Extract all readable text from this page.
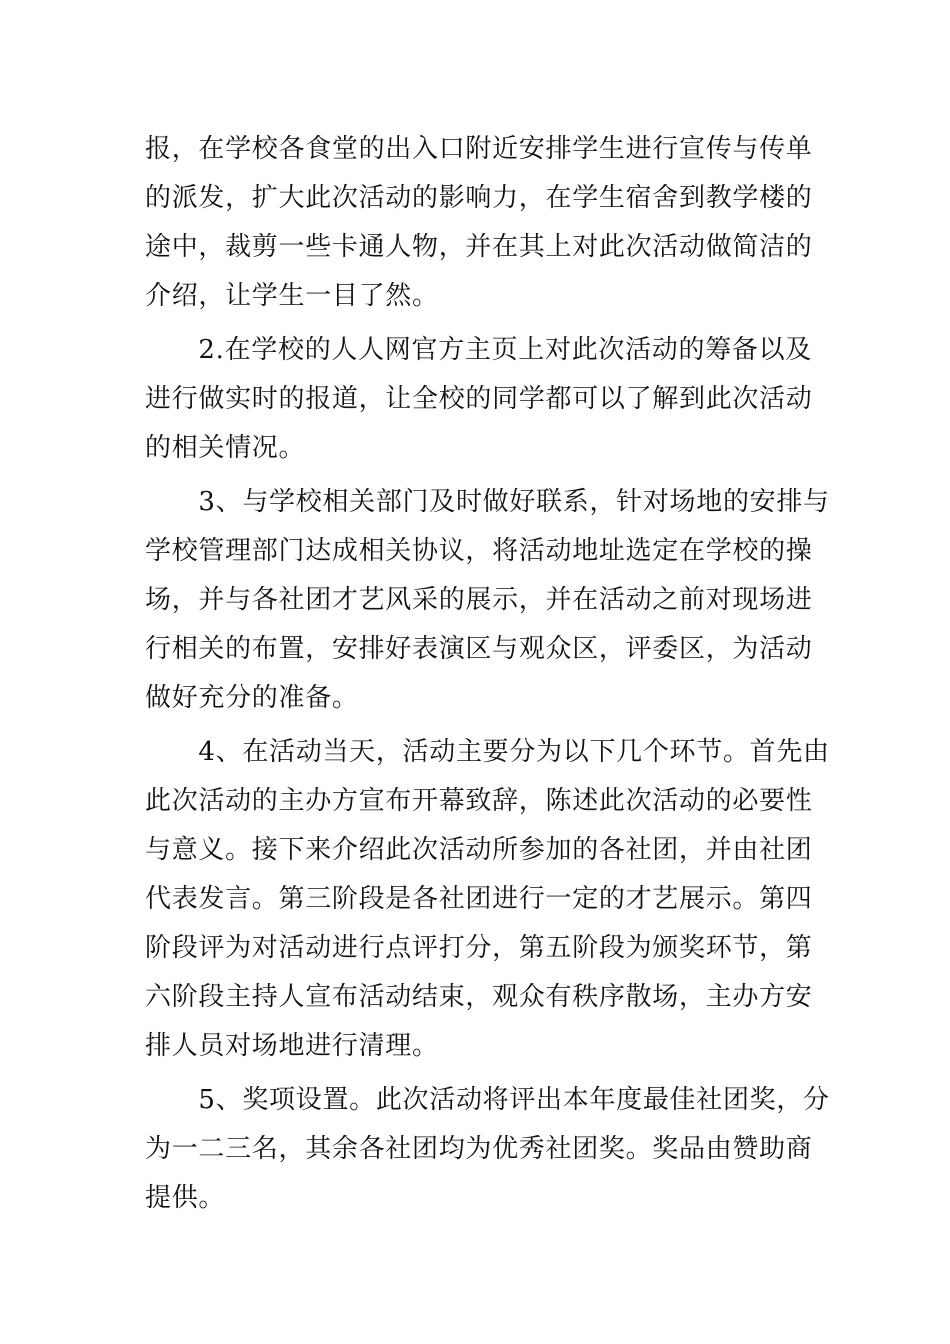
报，在学校各食堂的出入口附近安排学生进行宣传与传单
的派发，扩大此次活动的影响力，在学生宿舍到教学楼的
途中，裁剪一些卡通人物，并在其上对此次活动做简洁的
介绍，让学生一目了然。
　　2.在学校的人人网官方主页上对此次活动的筹备以及
进行做实时的报道，让全校的同学都可以了解到此次活动
的相关情况。
　　3、与学校相关部门及时做好联系，针对场地的安排与
学校管理部门达成相关协议，将活动地址选定在学校的操
场，并与各社团才艺风采的展示，并在活动之前对现场进
行相关的布置，安排好表演区与观众区，评委区，为活动
做好充分的准备。
　　4、在活动当天，活动主要分为以下几个环节。首先由
此次活动的主办方宣布开幕致辞，陈述此次活动的必要性
与意义。接下来介绍此次活动所参加的各社团，并由社团
代表发言。第三阶段是各社团进行一定的才艺展示。第四
阶段评为对活动进行点评打分，第五阶段为颁奖环节，第
六阶段主持人宣布活动结束，观众有秩序散场，主办方安
排人员对场地进行清理。
　　5、奖项设置。此次活动将评出本年度最佳社团奖，分
为一二三名，其余各社团均为优秀社团奖。奖品由赞助商
提供。
